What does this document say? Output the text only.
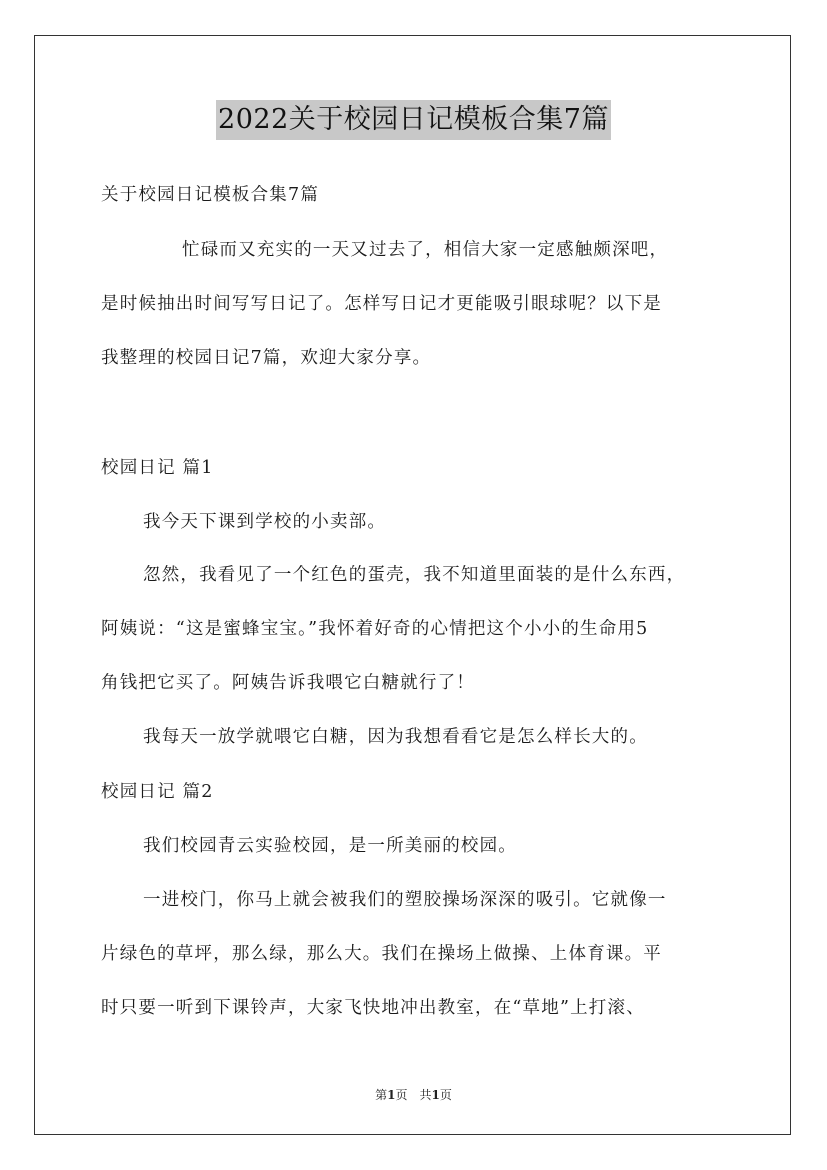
2022关于校园日记模板合集7篇
关于校园日记模板合集7篇
忙碌而又充实的一天又过去了，相信大家一定感触颇深吧，
是时候抽出时间写写日记了。怎样写日记才更能吸引眼球呢？以下是
我整理的校园日记7篇，欢迎大家分享。
校园日记 篇1
我今天下课到学校的小卖部。
忽然，我看见了一个红色的蛋壳，我不知道里面装的是什么东西，
阿姨说：“这是蜜蜂宝宝。”我怀着好奇的心情把这个小小的生命用5
角钱把它买了。阿姨告诉我喂它白糖就行了！
我每天一放学就喂它白糖，因为我想看看它是怎么样长大的。
校园日记 篇2
我们校园青云实验校园，是一所美丽的校园。
一进校门，你马上就会被我们的塑胶操场深深的吸引。它就像一
片绿色的草坪，那么绿，那么大。我们在操场上做操、上体育课。平
时只要一听到下课铃声，大家飞快地冲出教室，在“草地”上打滚、
第1页　共1页
